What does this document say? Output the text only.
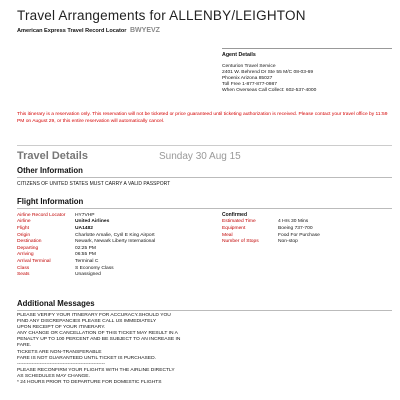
Travel Arrangements for ALLENBY/LEIGHTON
American Express Travel Record Locator BWYEVZ
Agent Details
Centurion Travel Service
2401 W. Behrend Dr Ste 55 M/C 08-03-69
Phoenix Arizona 85027
Toll Free 1-877-877-0987
When Overseas Call Collect: 602-537-4000
This itinerary is a reservation only. This reservation will not be ticketed or price guaranteed until ticketing authorization is received. Please contact your travel office by 11:59 PM on August 29, or this entire reservation will automatically cancel.
Travel Details	Sunday 30 Aug 15
Other Information
CITIZENS OF UNITED STATES MUST CARRY A VALID PASSPORT
Flight Information
Airline Record Locator	HY7VHP
Airline	United Airlines
Flight	UA1482
Origin	Charlotte Amalie, Cyril E King Airport
Destination	Newark, Newark Liberty International
Departing	02:25 PM
Arriving	06:55 PM
Arrival Terminal	Terminal C
Class	S Economy Class
Seats	Unassigned
Confirmed
Estimated Time	4 Hrs 30 Mins
Equipment	Boeing 737-700
Meal	Food For Purchase
Number of Stops	Non-stop
Additional Messages
PLEASE VERIFY YOUR ITINERARY FOR ACCURACY.SHOULD YOU
FIND ANY DISCREPANCIES PLEASE CALL US IMMEDIATELY
UPON RECEIPT OF YOUR ITINERARY.
ANY CHANGE OR CANCELLATION OF THIS TICKET MAY RESULT IN A
PENALTY UP TO 100 PERCENT AND BE SUBJECT TO AN INCREASE IN
FARE.
TICKETS ARE NON-TRANSFERABLE
FARE IS NOT GUARANTEED UNTIL TICKET IS PURCHASED.
------------------------------------------------------
PLEASE RECONFIRM YOUR FLIGHTS WITH THE AIRLINE DIRECTLY
AS SCHEDULES MAY CHANGE.
* 24 HOURS PRIOR TO DEPARTURE FOR DOMESTIC FLIGHTS
